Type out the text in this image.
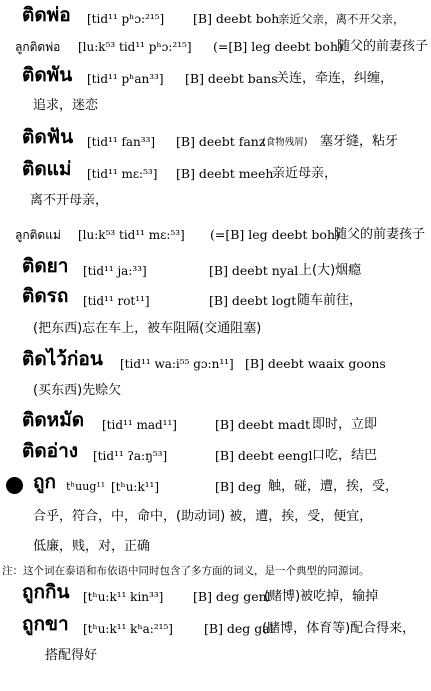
ติดพ่อ [tid¹¹ pʰɔ:²¹⁵] [B] deebt boh
亲近父亲，离不开父亲，
ลูกติดพ่อ [lu:k⁵³ tid¹¹ pʰɔ:²¹⁵] (=[B] leg deebt boh)
随父的前妻孩子
ติดพัน [tid¹¹ pʰan³³] [B] deebt bans
关连，牵连，纠缠，
追求，迷恋
ติดฟัน [tid¹¹ fan³³] [B] deebt fanz
(食物残屑) 塞牙缝，粘牙
ติดแม่ [tid¹¹ mɛ:⁵³] [B] deebt meeh
亲近母亲，
离不开母亲，
ลูกติดแม่ [lu:k⁵³ tid¹¹ mɛ:⁵³] (=[B] leg deebt boh)
随父的前妻孩子
ติดยา [tid¹¹ ja:³³]	[B] deebt nyal 上(大)烟瘾
ติดรถ [tid¹¹ rot¹¹]	[B] deebt logt 随车前往，
(把东西)忘在车上，被车阻隔(交通阻塞)
ติดไว้ก่อน [tid¹¹ wa:i⁵⁵ gɔ:n¹¹] [B] deebt waaix goons
(买东西)先赊欠
ติดหมัด [tid¹¹ mad¹¹]	[B] deebt madt 即时，立即
ติดอ่าง [tid¹¹ ʔa:ŋ⁵³]	[B] deebt eengl 口吃，结巴
ถูก tʰuug¹¹ [tʰu:k¹¹]	[B] deg 触，碰，遭，挨，受，
合乎，符合，中，命中，(助动词) 被，遭，挨，受，便宜，
低廉，贱，对，正确
注：这个词在泰语和布依语中同时包含了多方面的词义，是一个典型的同源词。
ถูกกิน [tʰu:k¹¹ kin³³] [B] deg genl
(赌博)被吃掉，输掉
ถูกขา [tʰu:k¹¹ kʰa:²¹⁵] [B] deg gal
(赌博，体育等)配合得来，
搭配得好
